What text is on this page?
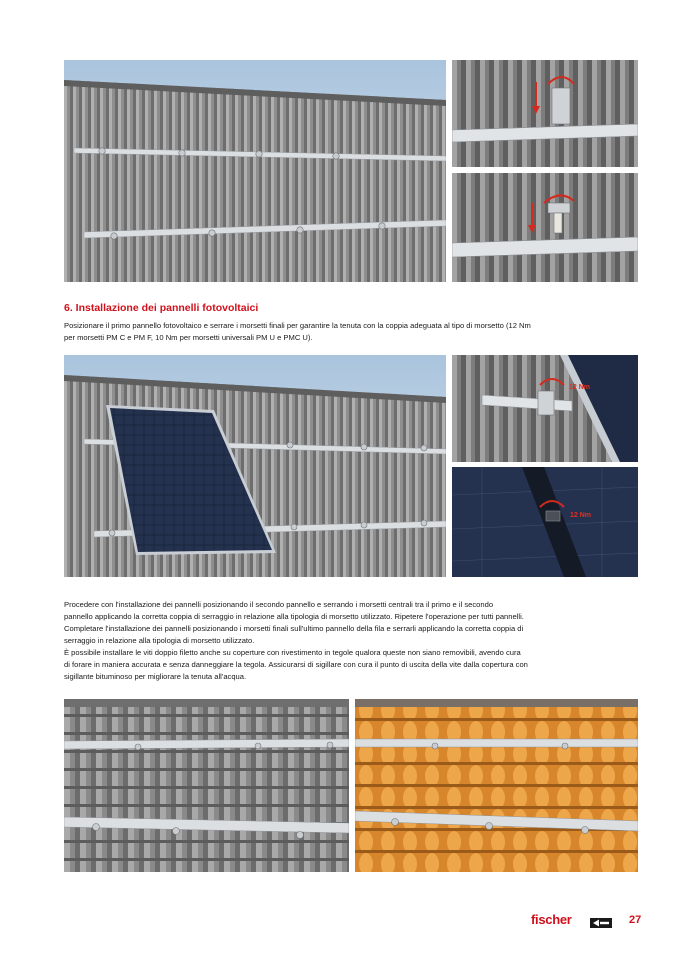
6. Installazione dei pannelli fotovoltaici

Posizionare il primo pannello fotovoltaico e serrare i morsetti finali per garantire la tenuta con la coppia adeguata al tipo di morsetto (12 Nm
per morsetti PM C e PM F, 10 Nm per morsetti universali PM U e PMC U).

12 Nm
12 Nm

Procedere con l'installazione dei pannelli posizionando il secondo pannello e serrando i morsetti centrali tra il primo e il secondo
pannello applicando la corretta coppia di serraggio in relazione alla tipologia di morsetto utilizzato. Ripetere l'operazione per tutti pannelli.
Completare l'installazione dei pannelli posizionando i morsetti finali sull'ultimo pannello della fila e serrarli applicando la corretta coppia di
serraggio in relazione alla tipologia di morsetto utilizzato.
È possibile installare le viti doppio filetto anche su coperture con rivestimento in tegole qualora queste non siano removibili, avendo cura
di forare in maniera accurata e senza danneggiare la tegola. Assicurarsi di sigillare con cura il punto di uscita della vite dalla copertura con
sigillante bituminoso per migliorare la tenuta all'acqua.

fischer	27
